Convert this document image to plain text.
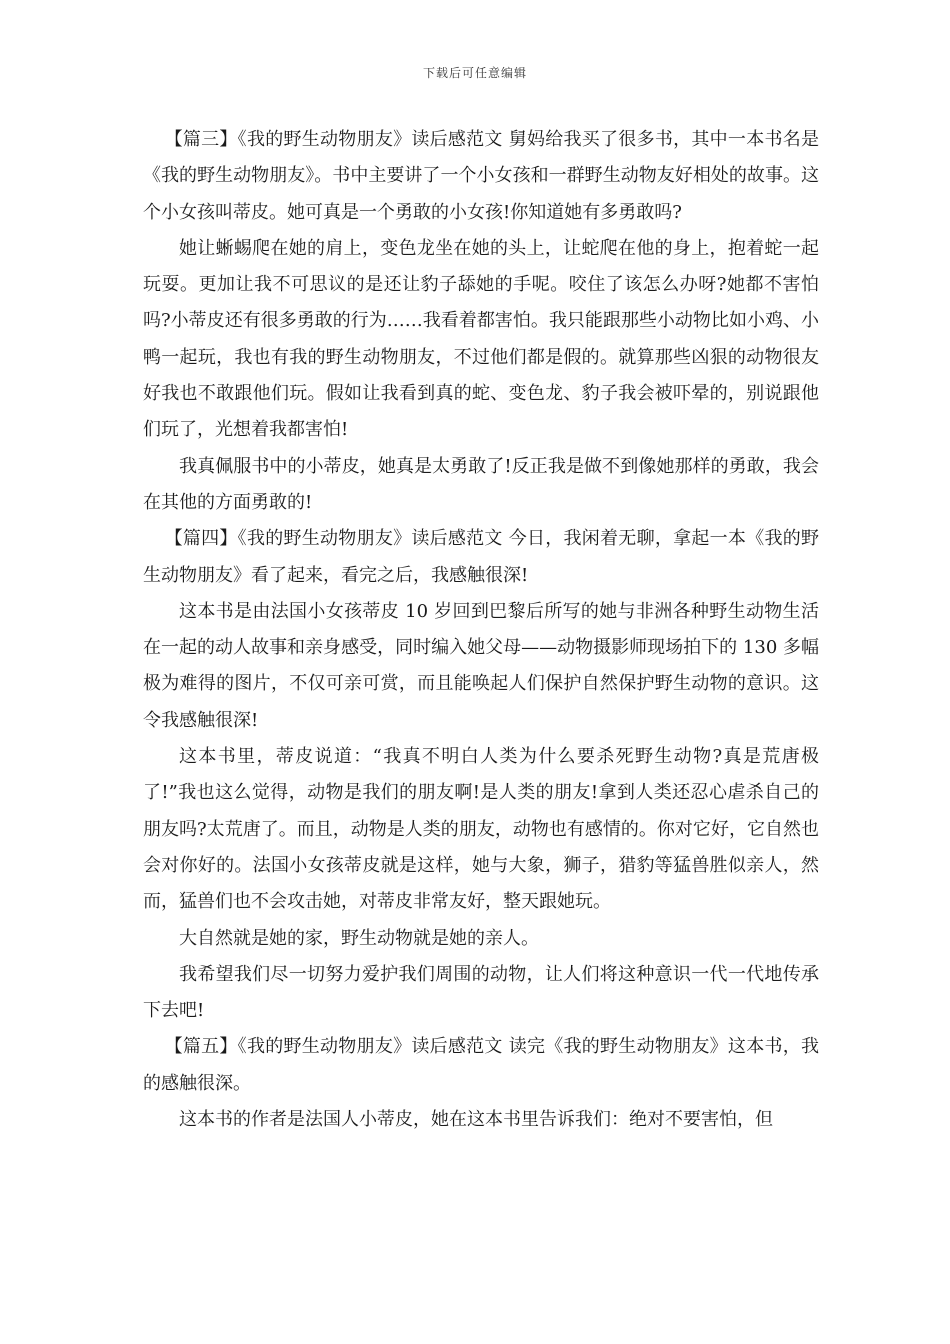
下载后可任意编辑

【篇三】《我的野生动物朋友》读后感范文 舅妈给我买了很多书，其中一本书名是《我的野生动物朋友》。书中主要讲了一个小女孩和一群野生动物友好相处的故事。这个小女孩叫蒂皮。她可真是一个勇敢的小女孩!你知道她有多勇敢吗?

她让蜥蜴爬在她的肩上，变色龙坐在她的头上，让蛇爬在他的身上，抱着蛇一起玩耍。更加让我不可思议的是还让豹子舔她的手呢。咬住了该怎么办呀?她都不害怕吗?小蒂皮还有很多勇敢的行为……我看着都害怕。我只能跟那些小动物比如小鸡、小鸭一起玩，我也有我的野生动物朋友，不过他们都是假的。就算那些凶狠的动物很友好我也不敢跟他们玩。假如让我看到真的蛇、变色龙、豹子我会被吓晕的，别说跟他们玩了，光想着我都害怕!

我真佩服书中的小蒂皮，她真是太勇敢了!反正我是做不到像她那样的勇敢，我会在其他的方面勇敢的!

【篇四】《我的野生动物朋友》读后感范文 今日，我闲着无聊，拿起一本《我的野生动物朋友》看了起来，看完之后，我感触很深!

这本书是由法国小女孩蒂皮 10 岁回到巴黎后所写的她与非洲各种野生动物生活在一起的动人故事和亲身感受，同时编入她父母——动物摄影师现场拍下的 130 多幅极为难得的图片，不仅可亲可赏，而且能唤起人们保护自然保护野生动物的意识。这令我感触很深!

这本书里，蒂皮说道：“我真不明白人类为什么要杀死野生动物?真是荒唐极了!”我也这么觉得，动物是我们的朋友啊!是人类的朋友!拿到人类还忍心虐杀自己的朋友吗?太荒唐了。而且，动物是人类的朋友，动物也有感情的。你对它好，它自然也会对你好的。法国小女孩蒂皮就是这样，她与大象，狮子，猎豹等猛兽胜似亲人，然而，猛兽们也不会攻击她，对蒂皮非常友好，整天跟她玩。

大自然就是她的家，野生动物就是她的亲人。

我希望我们尽一切努力爱护我们周围的动物，让人们将这种意识一代一代地传承下去吧!

【篇五】《我的野生动物朋友》读后感范文 读完《我的野生动物朋友》这本书，我的感触很深。

这本书的作者是法国人小蒂皮，她在这本书里告诉我们：绝对不要害怕，但
